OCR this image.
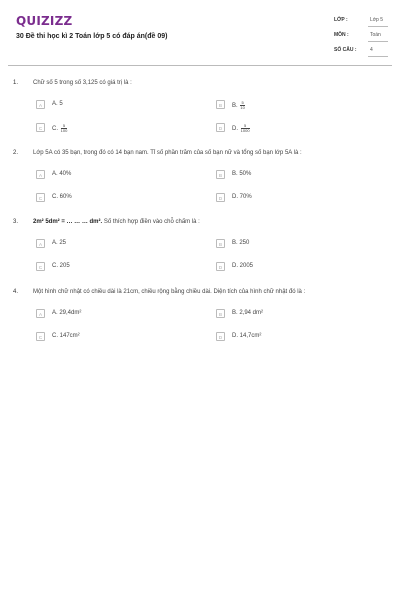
QUIZIZZ
30 Đề thi học kì 2 Toán lớp 5 có đáp án(đề 09)
LỚP :	Lớp 5
MÔN :	Toán
SỐ CÂU :	4
1. Chữ số 5 trong số 3,125 có giá trị là :
A	A. 5	B	B. $\frac{5}{10}$
C	C. $\frac{5}{100}$	D	D. $\frac{5}{1000}$
2. Lớp 5A có 35 bạn, trong đó có 14 bạn nam. Tỉ số phần trăm của số bạn nữ và tổng số bạn lớp 5A là :
A	A. 40%	B	B. 50%
C	C. 60%	D	D. 70%
3. 2m² 5dm² = … … … dm². Số thích hợp điền vào chỗ chấm là :
A	A. 25	B	B. 250
C	C. 205	D	D. 2005
4. Một hình chữ nhật có chiều dài là 21cm, chiều rộng bằng chiều dài. Diện tích của hình chữ nhật đó là :
A	A. 29,4dm²	B	B. 2,94 dm²
C	C. 147cm²	D	D. 14,7cm²
